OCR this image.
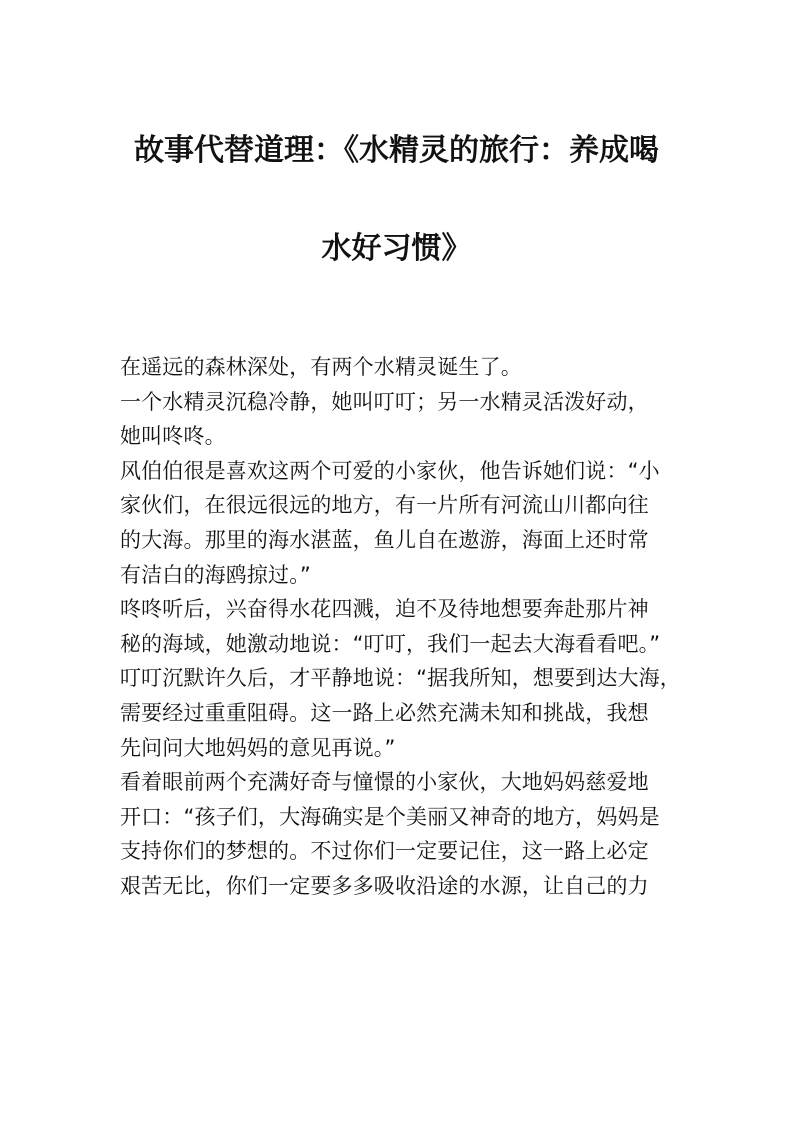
故事代替道理：《水精灵的旅行：养成喝
水好习惯》
在遥远的森林深处，有两个水精灵诞生了。
一个水精灵沉稳冷静，她叫叮叮；另一水精灵活泼好动，
她叫咚咚。
风伯伯很是喜欢这两个可爱的小家伙，他告诉她们说：“小
家伙们，在很远很远的地方，有一片所有河流山川都向往
的大海。那里的海水湛蓝，鱼儿自在遨游，海面上还时常
有洁白的海鸥掠过。”
咚咚听后，兴奋得水花四溅，迫不及待地想要奔赴那片神
秘的海域，她激动地说：“叮叮，我们一起去大海看看吧。”
叮叮沉默许久后，才平静地说：“据我所知，想要到达大海，
需要经过重重阻碍。这一路上必然充满未知和挑战，我想
先问问大地妈妈的意见再说。”
看着眼前两个充满好奇与憧憬的小家伙，大地妈妈慈爱地
开口：“孩子们，大海确实是个美丽又神奇的地方，妈妈是
支持你们的梦想的。不过你们一定要记住，这一路上必定
艰苦无比，你们一定要多多吸收沿途的水源，让自己的力
